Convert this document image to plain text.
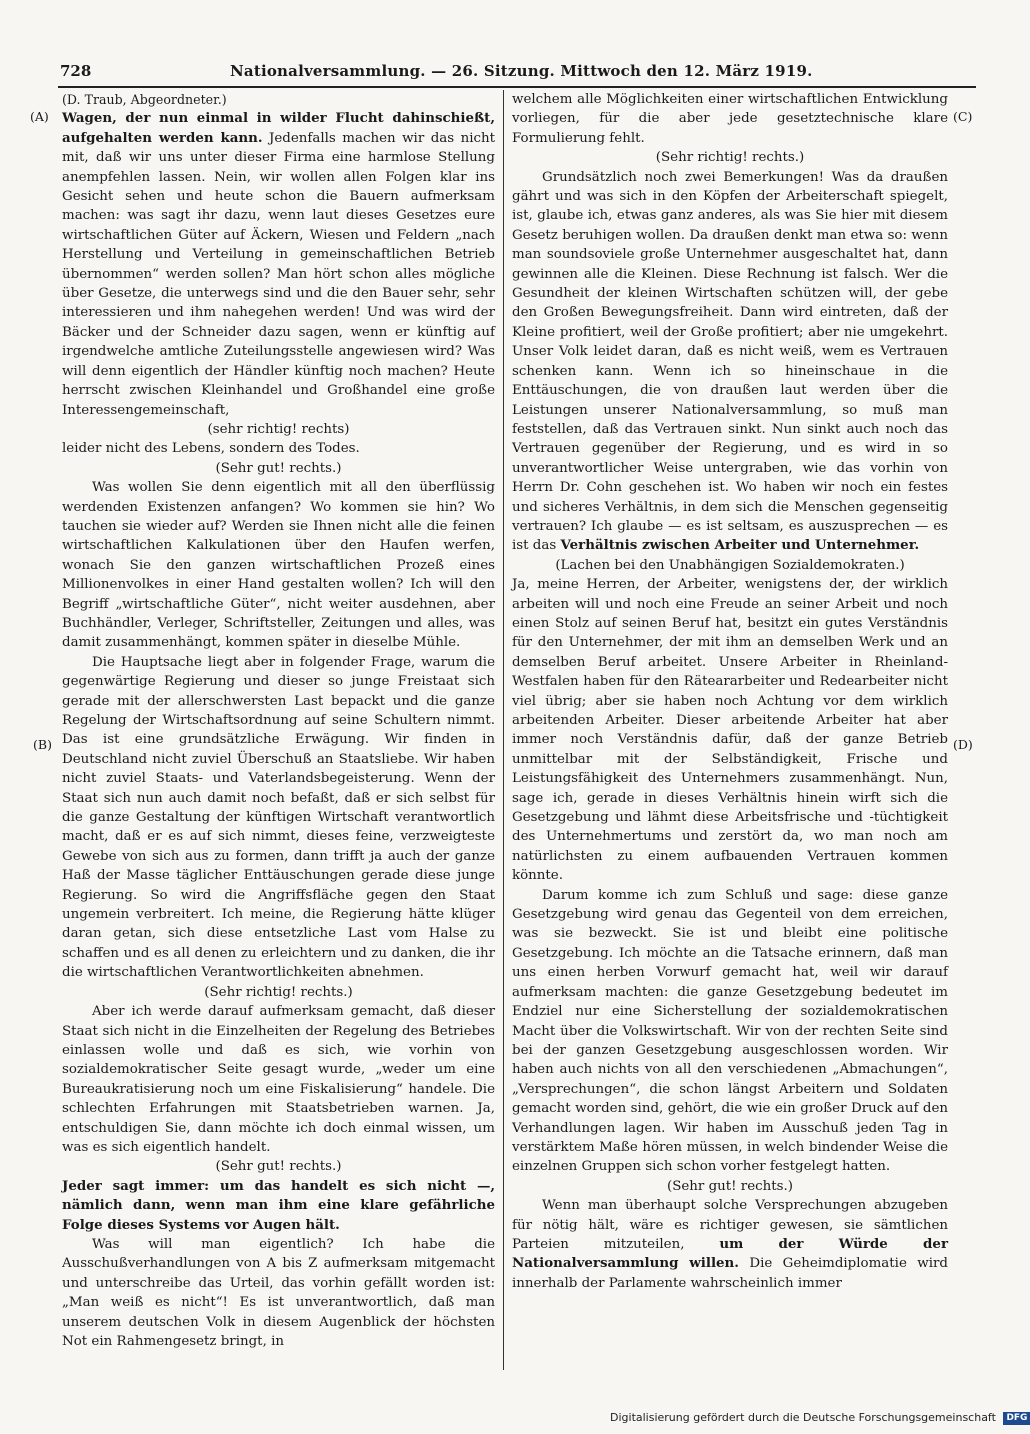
728	Nationalversammlung. — 26. Sitzung. Mittwoch den 12. März 1919.
(A)
(B)
(C)
(D)

(D. Traub, Abgeordneter.)

Wagen, der nun einmal in wilder Flucht dahinschießt, aufgehalten werden kann. Jedenfalls machen wir das nicht mit, daß wir uns unter dieser Firma eine harmlose Stellung anempfehlen lassen. Nein, wir wollen allen Folgen klar ins Gesicht sehen und heute schon die Bauern aufmerksam machen: was sagt ihr dazu, wenn laut dieses Gesetzes eure wirtschaftlichen Güter auf Äckern, Wiesen und Feldern „nach Herstellung und Verteilung in gemeinschaftlichen Betrieb übernommen“ werden sollen? Man hört schon alles mögliche über Gesetze, die unterwegs sind und die den Bauer sehr, sehr interessieren und ihm nahegehen werden! Und was wird der Bäcker und der Schneider dazu sagen, wenn er künftig auf irgendwelche amtliche Zuteilungsstelle angewiesen wird? Was will denn eigentlich der Händler künftig noch machen? Heute herrscht zwischen Kleinhandel und Großhandel eine große Interessengemeinschaft,

(sehr richtig! rechts)

leider nicht des Lebens, sondern des Todes.

(Sehr gut! rechts.)

Was wollen Sie denn eigentlich mit all den überflüssig werdenden Existenzen anfangen? Wo kommen sie hin? Wo tauchen sie wieder auf? Werden sie Ihnen nicht alle die feinen wirtschaftlichen Kalkulationen über den Haufen werfen, wonach Sie den ganzen wirtschaftlichen Prozeß eines Millionenvolkes in einer Hand gestalten wollen? Ich will den Begriff „wirtschaftliche Güter“, nicht weiter ausdehnen, aber Buchhändler, Verleger, Schriftsteller, Zeitungen und alles, was damit zusammenhängt, kommen später in dieselbe Mühle.

Die Hauptsache liegt aber in folgender Frage, warum die gegenwärtige Regierung und dieser so junge Freistaat sich gerade mit der allerschwersten Last bepackt und die ganze Regelung der Wirtschaftsordnung auf seine Schultern nimmt. Das ist eine grundsätzliche Erwägung. Wir finden in Deutschland nicht zuviel Überschuß an Staatsliebe. Wir haben nicht zuviel Staats- und Vaterlandsbegeisterung. Wenn der Staat sich nun auch damit noch befaßt, daß er sich selbst für die ganze Gestaltung der künftigen Wirtschaft verantwortlich macht, daß er es auf sich nimmt, dieses feine, verzweigteste Gewebe von sich aus zu formen, dann trifft ja auch der ganze Haß der Masse täglicher Enttäuschungen gerade diese junge Regierung. So wird die Angriffsfläche gegen den Staat ungemein verbreitert. Ich meine, die Regierung hätte klüger daran getan, sich diese entsetzliche Last vom Halse zu schaffen und es all denen zu erleichtern und zu danken, die ihr die wirtschaftlichen Verantwortlichkeiten abnehmen.

(Sehr richtig! rechts.)

Aber ich werde darauf aufmerksam gemacht, daß dieser Staat sich nicht in die Einzelheiten der Regelung des Betriebes einlassen wolle und daß es sich, wie vorhin von sozialdemokratischer Seite gesagt wurde, „weder um eine Bureaukratisierung noch um eine Fiskalisierung“ handele. Die schlechten Erfahrungen mit Staatsbetrieben warnen. Ja, entschuldigen Sie, dann möchte ich doch einmal wissen, um was es sich eigentlich handelt.

(Sehr gut! rechts.)

Jeder sagt immer: um das handelt es sich nicht —, nämlich dann, wenn man ihm eine klare gefährliche Folge dieses Systems vor Augen hält.

Was will man eigentlich? Ich habe die Ausschußverhandlungen von A bis Z aufmerksam mitgemacht und unterschreibe das Urteil, das vorhin gefällt worden ist: „Man weiß es nicht“! Es ist unverantwortlich, daß man unserem deutschen Volk in diesem Augenblick der höchsten Not ein Rahmengesetz bringt, in

welchem alle Möglichkeiten einer wirtschaftlichen Entwicklung vorliegen, für die aber jede gesetztechnische klare Formulierung fehlt.

(Sehr richtig! rechts.)

Grundsätzlich noch zwei Bemerkungen! Was da draußen gährt und was sich in den Köpfen der Arbeiterschaft spiegelt, ist, glaube ich, etwas ganz anderes, als was Sie hier mit diesem Gesetz beruhigen wollen. Da draußen denkt man etwa so: wenn man soundsoviele große Unternehmer ausgeschaltet hat, dann gewinnen alle die Kleinen. Diese Rechnung ist falsch. Wer die Gesundheit der kleinen Wirtschaften schützen will, der gebe den Großen Bewegungsfreiheit. Dann wird eintreten, daß der Kleine profitiert, weil der Große profitiert; aber nie umgekehrt. Unser Volk leidet daran, daß es nicht weiß, wem es Vertrauen schenken kann. Wenn ich so hineinschaue in die Enttäuschungen, die von draußen laut werden über die Leistungen unserer Nationalversammlung, so muß man feststellen, daß das Vertrauen sinkt. Nun sinkt auch noch das Vertrauen gegenüber der Regierung, und es wird in so unverantwortlicher Weise untergraben, wie das vorhin von Herrn Dr. Cohn geschehen ist. Wo haben wir noch ein festes und sicheres Verhältnis, in dem sich die Menschen gegenseitig vertrauen? Ich glaube — es ist seltsam, es auszusprechen — es ist das Verhältnis zwischen Arbeiter und Unternehmer.

(Lachen bei den Unabhängigen Sozialdemokraten.)

Ja, meine Herren, der Arbeiter, wenigstens der, der wirklich arbeiten will und noch eine Freude an seiner Arbeit und noch einen Stolz auf seinen Beruf hat, besitzt ein gutes Verständnis für den Unternehmer, der mit ihm an demselben Werk und an demselben Beruf arbeitet. Unsere Arbeiter in Rheinland-Westfalen haben für den Räteararbeiter und Redearbeiter nicht viel übrig; aber sie haben noch Achtung vor dem wirklich arbeitenden Arbeiter. Dieser arbeitende Arbeiter hat aber immer noch Verständnis dafür, daß der ganze Betrieb unmittelbar mit der Selbständigkeit, Frische und Leistungsfähigkeit des Unternehmers zusammenhängt. Nun, sage ich, gerade in dieses Verhältnis hinein wirft sich die Gesetzgebung und lähmt diese Arbeitsfrische und -tüchtigkeit des Unternehmertums und zerstört da, wo man noch am natürlichsten zu einem aufbauenden Vertrauen kommen könnte.

Darum komme ich zum Schluß und sage: diese ganze Gesetzgebung wird genau das Gegenteil von dem erreichen, was sie bezweckt. Sie ist und bleibt eine politische Gesetzgebung. Ich möchte an die Tatsache erinnern, daß man uns einen herben Vorwurf gemacht hat, weil wir darauf aufmerksam machten: die ganze Gesetzgebung bedeutet im Endziel nur eine Sicherstellung der sozialdemokratischen Macht über die Volkswirtschaft. Wir von der rechten Seite sind bei der ganzen Gesetzgebung ausgeschlossen worden. Wir haben auch nichts von all den verschiedenen „Abmachungen“, „Versprechungen“, die schon längst Arbeitern und Soldaten gemacht worden sind, gehört, die wie ein großer Druck auf den Verhandlungen lagen. Wir haben im Ausschuß jeden Tag in verstärktem Maße hören müssen, in welch bindender Weise die einzelnen Gruppen sich schon vorher festgelegt hatten.

(Sehr gut! rechts.)

Wenn man überhaupt solche Versprechungen abzugeben für nötig hält, wäre es richtiger gewesen, sie sämtlichen Parteien mitzuteilen,	um der Würde der Nationalversammlung willen. Die Geheimdiplomatie wird innerhalb der Parlamente wahrscheinlich immer

Digitalisierung gefördert durch die Deutsche Forschungsgemeinschaft DFG
